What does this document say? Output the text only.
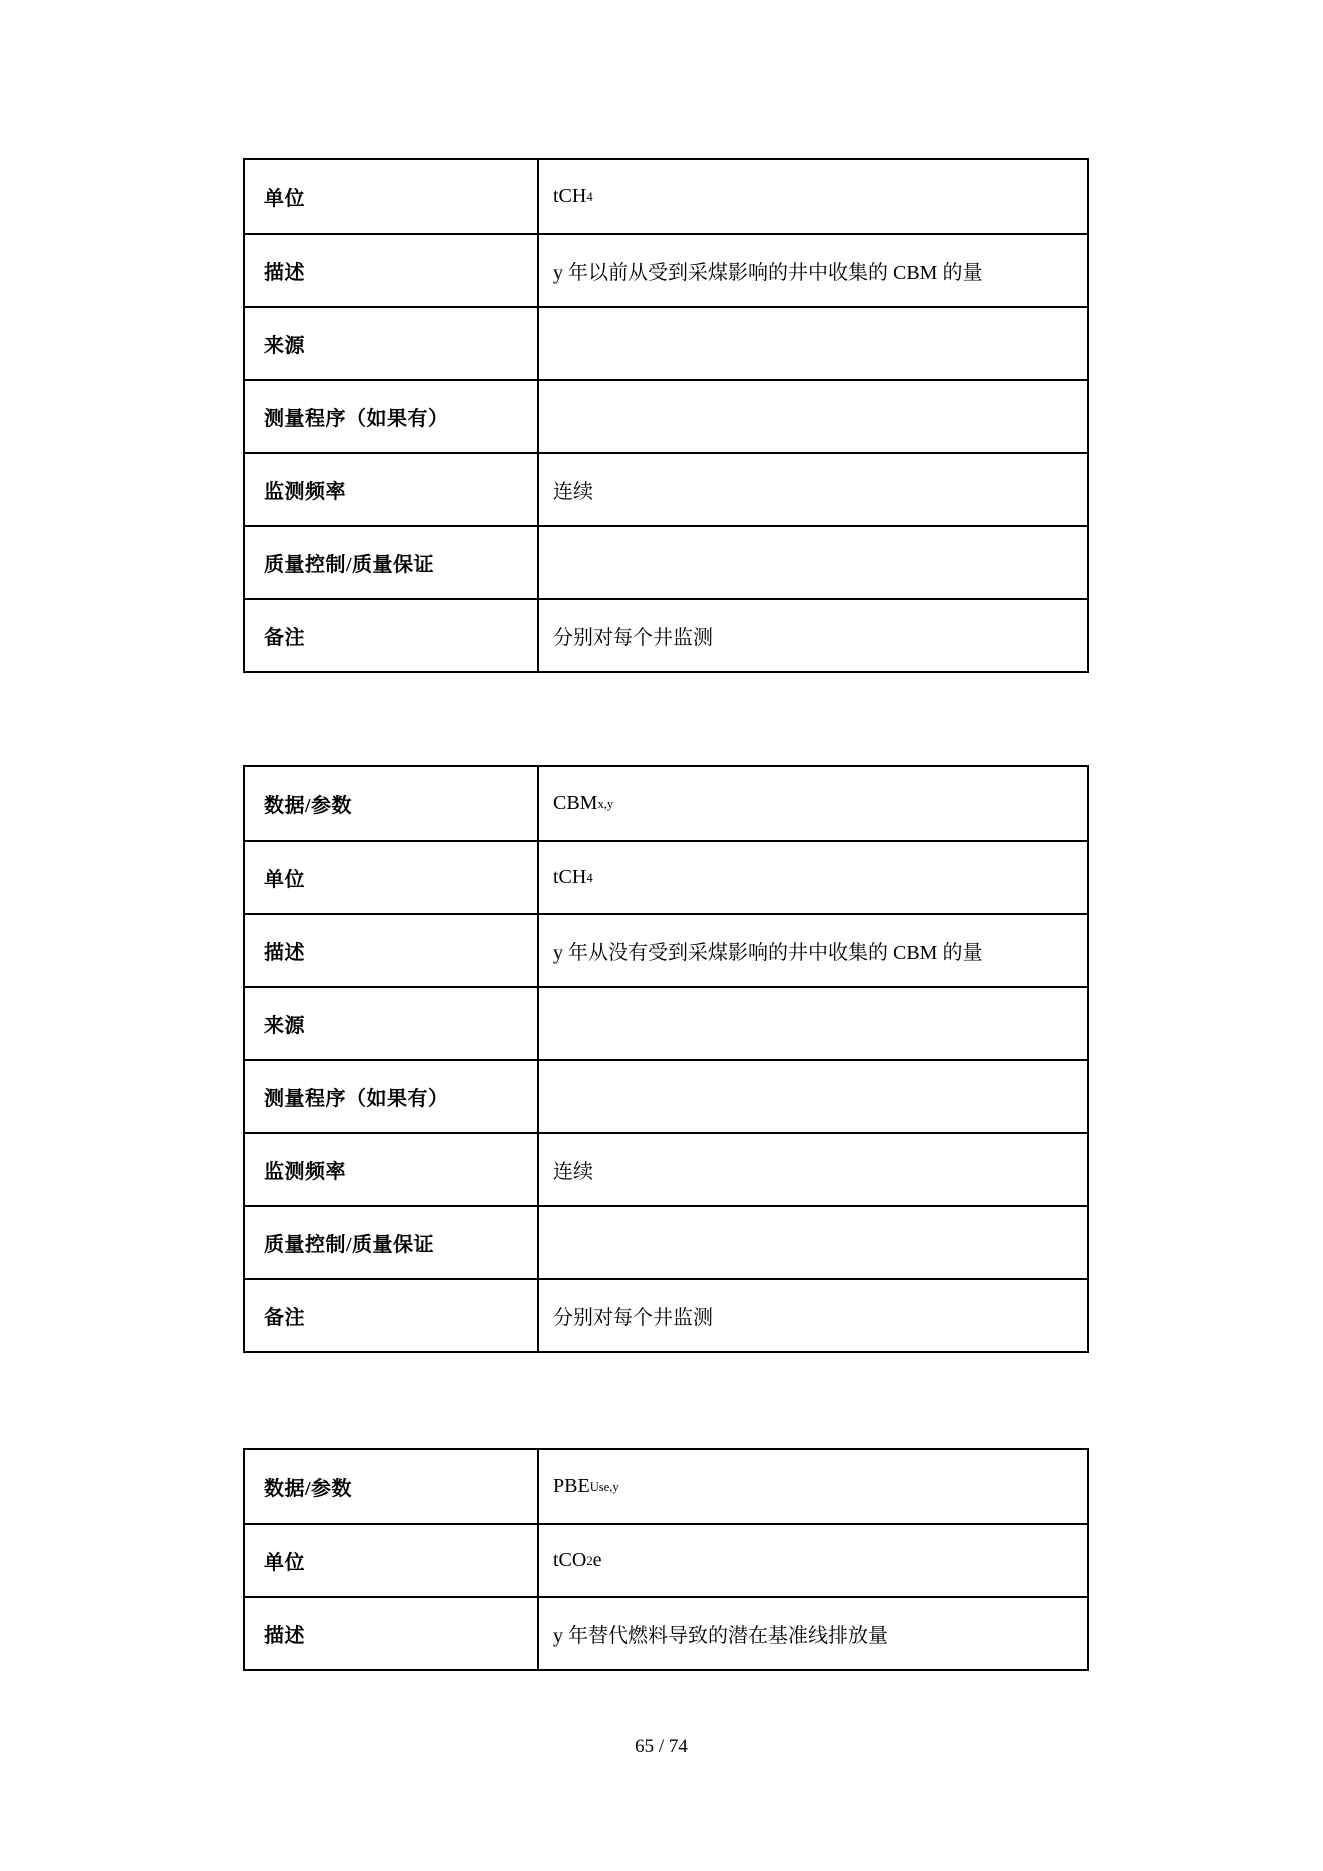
单位	tCH 4
描述	y 年以前从受到采煤影响的井中收集的 CBM 的量
来源
测量程序（如果有）
监测频率	连续
质量控制/质量保证
备注	分别对每个井监测
数据/参数	CBM x,y
单位	tCH 4
描述	y 年从没有受到采煤影响的井中收集的 CBM 的量
来源
测量程序（如果有）
监测频率	连续
质量控制/质量保证
备注	分别对每个井监测
数据/参数	PBE Use,y
单位	tCO 2 e
描述	y 年替代燃料导致的潜在基准线排放量
65 / 74
